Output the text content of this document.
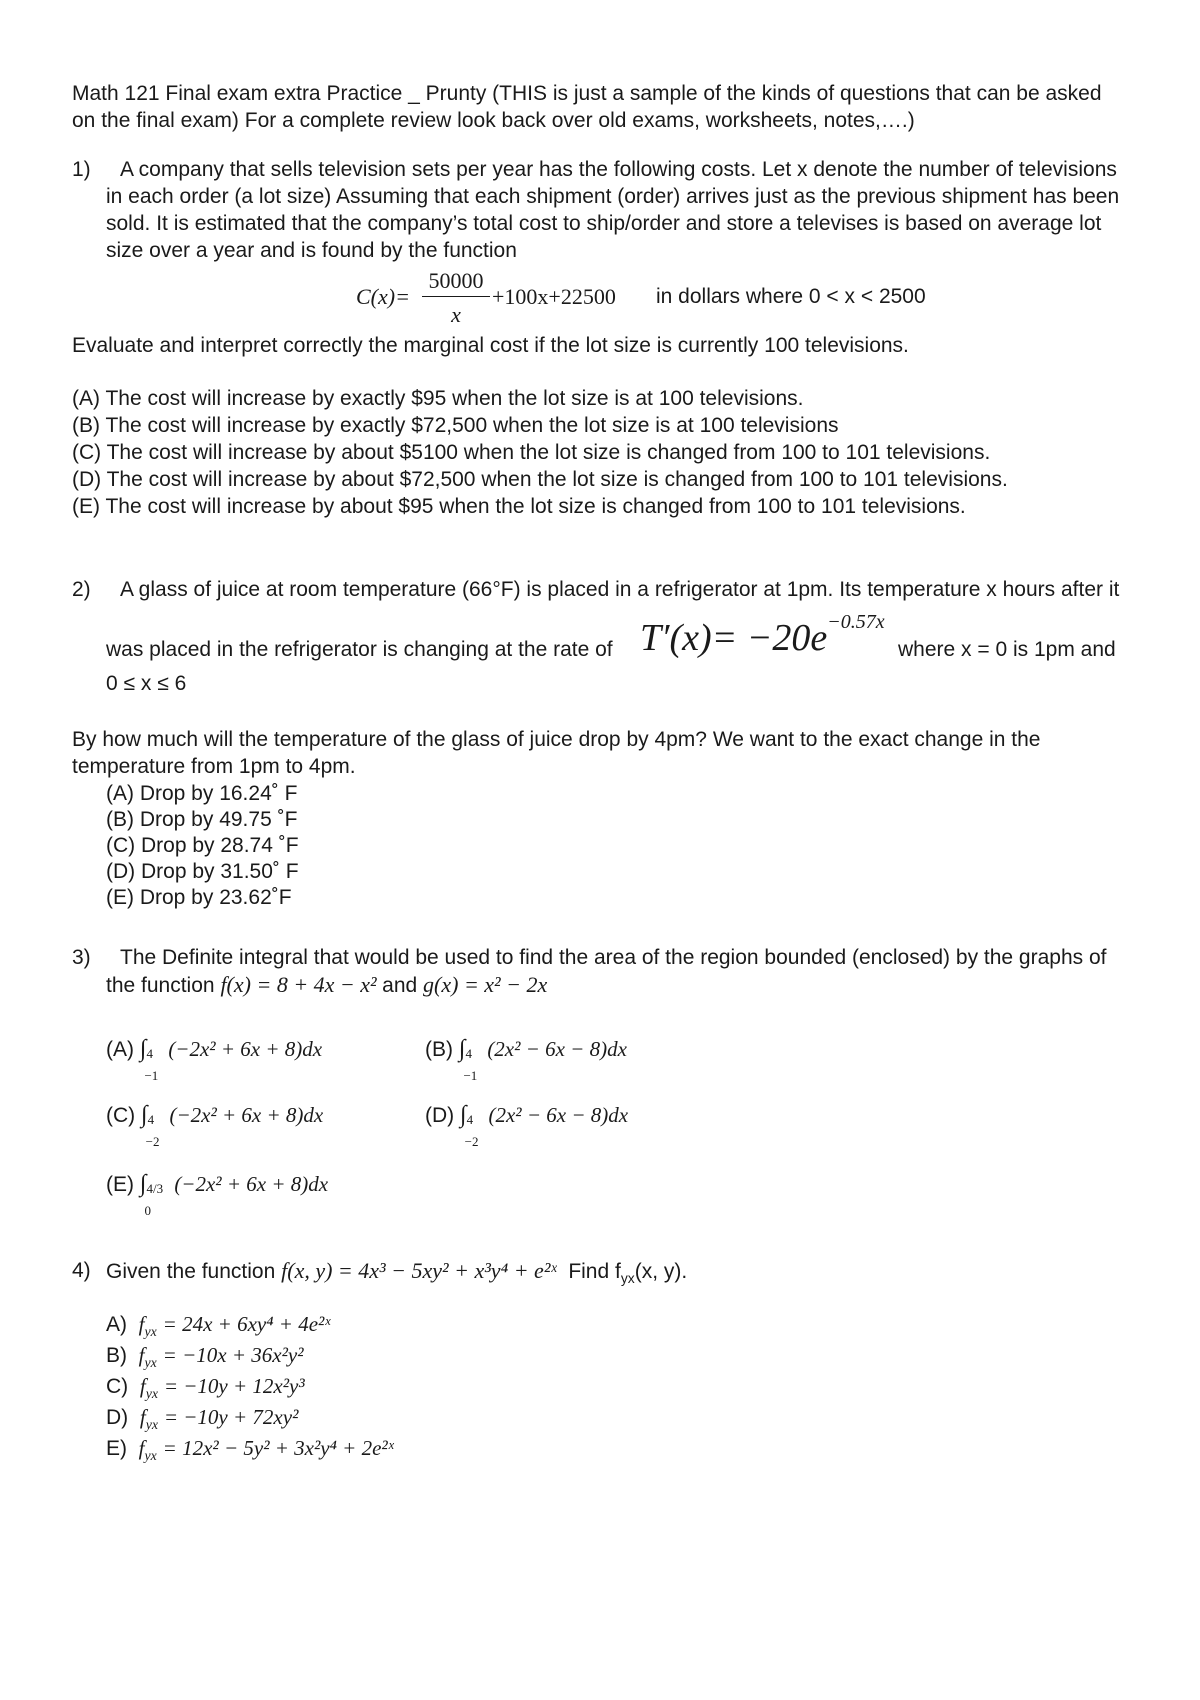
Math 121 Final exam extra Practice _ Prunty (THIS is just a sample of the kinds of questions that can be asked
on the final exam) For a complete review look back over old exams, worksheets, notes,….)
1) A company that sells television sets per year has the following costs. Let x denote the number of televisions
in each order (a lot size) Assuming that each shipment (order) arrives just as the previous shipment has been
sold. It is estimated that the company’s total cost to ship/order and store a televises is based on average lot
size over a year and is found by the function
C(x)=
50000
x
+100x+22500 in dollars where 0 < x < 2500
Evaluate and interpret correctly the marginal cost if the lot size is currently 100 televisions.
(A) The cost will increase by exactly $95 when the lot size is at 100 televisions.
(B) The cost will increase by exactly $72,500 when the lot size is at 100 televisions
(C) The cost will increase by about $5100 when the lot size is changed from 100 to 101 televisions.
(D) The cost will increase by about $72,500 when the lot size is changed from 100 to 101 televisions.
(E) The cost will increase by about $95 when the lot size is changed from 100 to 101 televisions.
2) A glass of juice at room temperature (66°F) is placed in a refrigerator at 1pm. Its temperature x hours after it
was placed in the refrigerator is changing at the rate of $T'(x)= -20e^{-0.57x}$
where x = 0 is 1pm and
0 ≤ x ≤ 6
By how much will the temperature of the glass of juice drop by 4pm? We want to the exact change in the
temperature from 1pm to 4pm.
(A) Drop by 16.24˚ F
(B) Drop by 49.75 ˚F
(C) Drop by 28.74 ˚F
(D) Drop by 31.50˚ F
(E) Drop by 23.62˚F
3) The Definite integral that would be used to find the area of the region bounded (enclosed) by the graphs of
the function f(x) = 8 + 4x − x² and g(x) = x² − 2x
(A) ∫ 4
−1
(−2x² + 6x + 8)dx	(B) ∫ 4
−1
(2x² − 6x − 8)dx
(C) ∫ 4
−2
(−2x² + 6x + 8)dx	(D) ∫ 4
−2
(2x² − 6x − 8)dx
(E) ∫ 4/3
0
(−2x² + 6x + 8)dx
4) Given the function f(x, y) = 4x³ − 5xy² + x³y⁴ + e²ˣ Find $f_{yx}(x$, y).
A) $f_{yx} = 24x + 6xy^4$ + 4e²ˣ
B) $f_{yx} = -10x + 36x^2y^2$
C) $f_{yx} = -10y + 12x^2y^3$
D) $f_{yx} = -10y + 72xy^2$
E) $f_{yx} = 12x^2 - 5y^2 + 3x^2y^4$ + 2e²ˣ
